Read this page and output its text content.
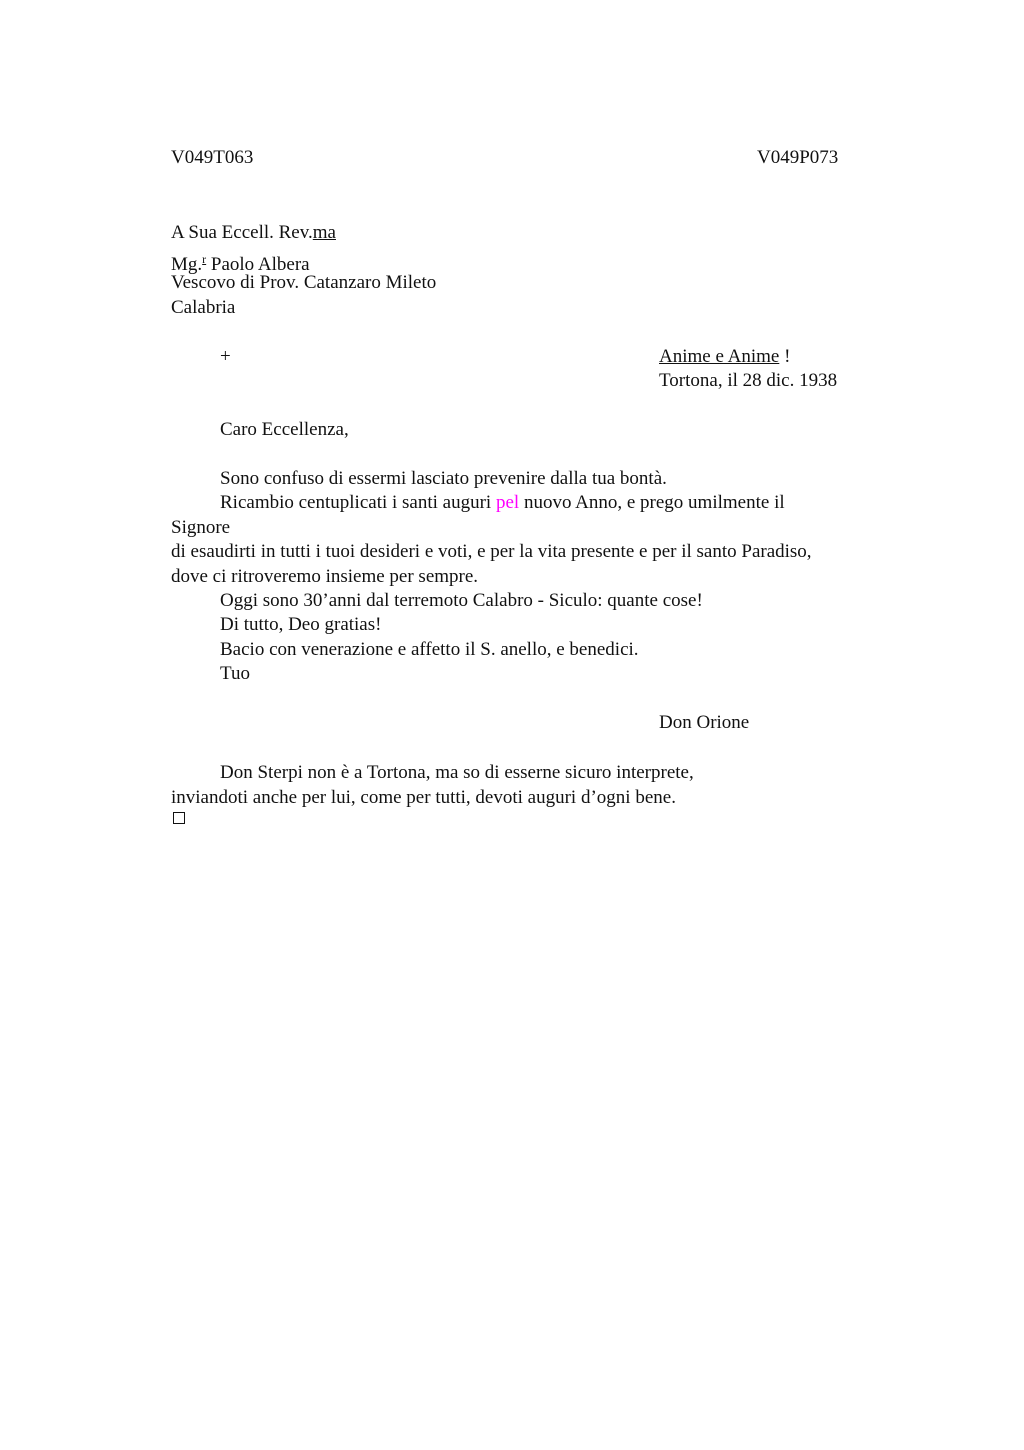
V049T063	V049P073
A Sua Eccell. Rev.ma
Mg.$^r$ Paolo Albera
Vescovo di Prov. Catanzaro Mileto
Calabria
+	Anime e Anime !
Tortona, il 28 dic. 1938
Caro Eccellenza,
Sono confuso di essermi lasciato prevenire dalla tua bontà.
Ricambio centuplicati i santi auguri pel nuovo Anno, e prego umilmente il
Signore
di esaudirti in tutti i tuoi desideri e voti, e per la vita presente e per il santo Paradiso,
dove ci ritroveremo insieme per sempre.
Oggi sono 30’anni dal terremoto Calabro - Siculo: quante cose!
Di tutto, Deo gratias!
Bacio con venerazione e affetto il S. anello, e benedici.
Tuo
Don Orione
Don Sterpi non è a Tortona, ma so di esserne sicuro interprete,
inviandoti anche per lui, come per tutti, devoti auguri d’ogni bene.
